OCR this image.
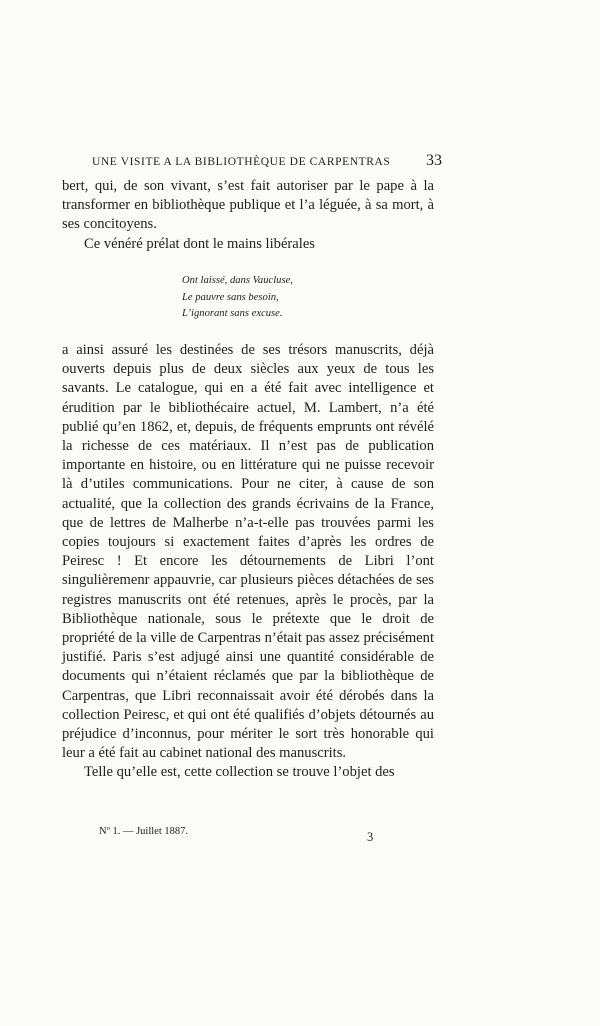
UNE VISITE A LA BIBLIOTHÈQUE DE CARPENTRAS 33

bert, qui, de son vivant, s’est fait autoriser par le pape à la transformer en bibliothèque publique et l’a léguée, à sa mort, à ses concitoyens.

Ce vénéré prélat dont le mains libérales

Ont laissé, dans Vaucluse,
Le pauvre sans besoin,
L’ignorant sans excuse.

a ainsi assuré les destinées de ses trésors manuscrits, déjà ouverts depuis plus de deux siècles aux yeux de tous les savants. Le catalogue, qui en a été fait avec intelligence et érudition par le bibliothécaire actuel, M. Lambert, n’a été publié qu’en 1862, et, depuis, de fréquents emprunts ont révélé la richesse de ces matériaux. Il n’est pas de publication importante en histoire, ou en littérature qui ne puisse recevoir là d’utiles communications. Pour ne citer, à cause de son actualité, que la collection des grands écrivains de la France, que de lettres de Malherbe n’a-t-elle pas trouvées parmi les copies toujours si exactement faites d’après les ordres de Peiresc ! Et encore les détournements de Libri l’ont singulièremenr appauvrie, car plusieurs pièces détachées de ses registres manuscrits ont été retenues, après le procès, par la Bibliothèque nationale, sous le prétexte que le droit de propriété de la ville de Carpentras n’était pas assez précisément justifié. Paris s’est adjugé ainsi une quantité considérable de documents qui n’étaient réclamés que par la bibliothèque de Carpentras, que Libri reconnaissait avoir été dérobés dans la collection Peiresc, et qui ont été qualifiés d’objets détournés au préjudice d’inconnus, pour mériter le sort très honorable qui leur a été fait au cabinet national des manuscrits.

Telle qu’elle est, cette collection se trouve l’objet des

Nº 1. — Juillet 1887.	3
